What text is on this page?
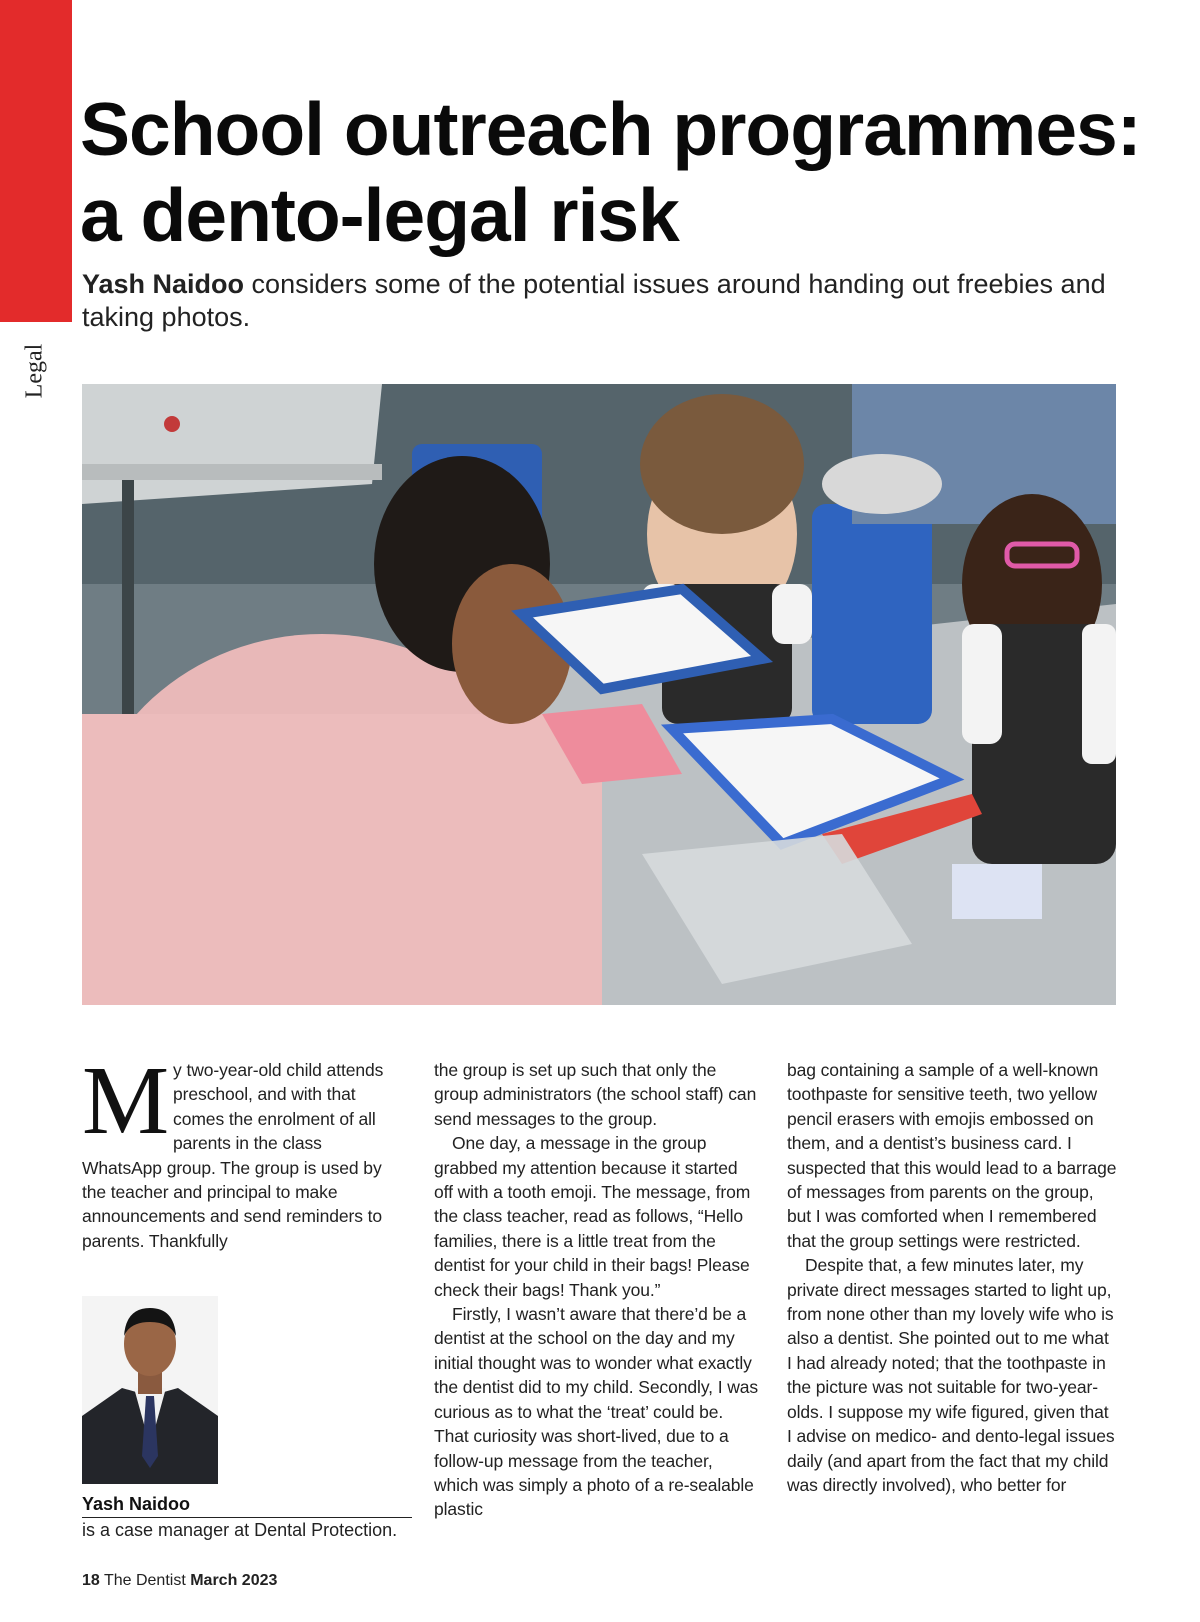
Legal
School outreach programmes:
a dento-legal risk

Yash Naidoo considers some of the potential issues around handing out freebies and taking photos.

My two-year-old child attends preschool, and with that comes the enrolment of all parents in the class WhatsApp group. The group is used by the teacher and principal to make announcements and send reminders to parents. Thankfully

the group is set up such that only the group administrators (the school staff) can send messages to the group.

One day, a message in the group grabbed my attention because it started off with a tooth emoji. The message, from the class teacher, read as follows, “Hello families, there is a little treat from the dentist for your child in their bags! Please check their bags! Thank you.”

Firstly, I wasn’t aware that there’d be a dentist at the school on the day and my initial thought was to wonder what exactly the dentist did to my child. Secondly, I was curious as to what the ‘treat’ could be. That curiosity was short-lived, due to a follow-up message from the teacher, which was simply a photo of a re-sealable plastic

bag containing a sample of a well-known toothpaste for sensitive teeth, two yellow pencil erasers with emojis embossed on them, and a dentist’s business card. I suspected that this would lead to a barrage of messages from parents on the group, but I was comforted when I remembered that the group settings were restricted.

Despite that, a few minutes later, my private direct messages started to light up, from none other than my lovely wife who is also a dentist. She pointed out to me what I had already noted; that the toothpaste in the picture was not suitable for two-year-olds. I suppose my wife figured, given that I advise on medico- and dento-legal issues daily (and apart from the fact that my child was directly involved), who better for

Yash Naidoo
is a case manager at Dental Protection.
18 The Dentist March 2023
